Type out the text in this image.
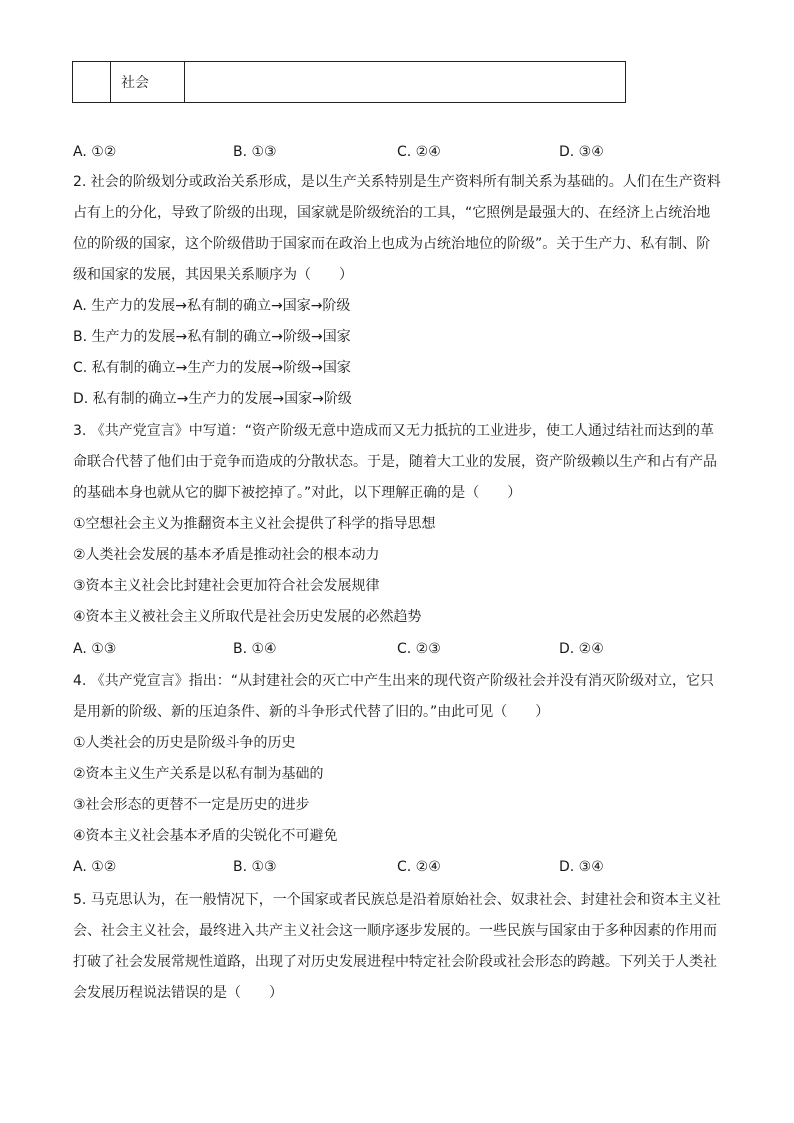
	社会	
A. ①②	B. ①③	C. ②④	D. ③④
2. 社会的阶级划分或政治关系形成，是以生产关系特别是生产资料所有制关系为基础的。人们在生产资料
占有上的分化，导致了阶级的出现，国家就是阶级统治的工具，“它照例是最强大的、在经济上占统治地
位的阶级的国家，这个阶级借助于国家而在政治上也成为占统治地位的阶级”。关于生产力、私有制、阶
级和国家的发展，其因果关系顺序为（　　）
A. 生产力的发展→私有制的确立→国家→阶级
B. 生产力的发展→私有制的确立→阶级→国家
C. 私有制的确立→生产力的发展→阶级→国家
D. 私有制的确立→生产力的发展→国家→阶级
3. 《共产党宣言》中写道：“资产阶级无意中造成而又无力抵抗的工业进步，使工人通过结社而达到的革
命联合代替了他们由于竞争而造成的分散状态。于是，随着大工业的发展，资产阶级赖以生产和占有产品
的基础本身也就从它的脚下被挖掉了。”对此，以下理解正确的是（　　）
①空想社会主义为推翻资本主义社会提供了科学的指导思想
②人类社会发展的基本矛盾是推动社会的根本动力
③资本主义社会比封建社会更加符合社会发展规律
④资本主义被社会主义所取代是社会历史发展的必然趋势
A. ①③	B. ①④	C. ②③	D. ②④
4. 《共产党宣言》指出：“从封建社会的灭亡中产生出来的现代资产阶级社会并没有消灭阶级对立，它只
是用新的阶级、新的压迫条件、新的斗争形式代替了旧的。”由此可见（　　）
①人类社会的历史是阶级斗争的历史
②资本主义生产关系是以私有制为基础的
③社会形态的更替不一定是历史的进步
④资本主义社会基本矛盾的尖锐化不可避免
A. ①②	B. ①③	C. ②④	D. ③④
5. 马克思认为，在一般情况下，一个国家或者民族总是沿着原始社会、奴隶社会、封建社会和资本主义社
会、社会主义社会，最终进入共产主义社会这一顺序逐步发展的。一些民族与国家由于多种因素的作用而
打破了社会发展常规性道路，出现了对历史发展进程中特定社会阶段或社会形态的跨越。下列关于人类社
会发展历程说法错误的是（　　）
